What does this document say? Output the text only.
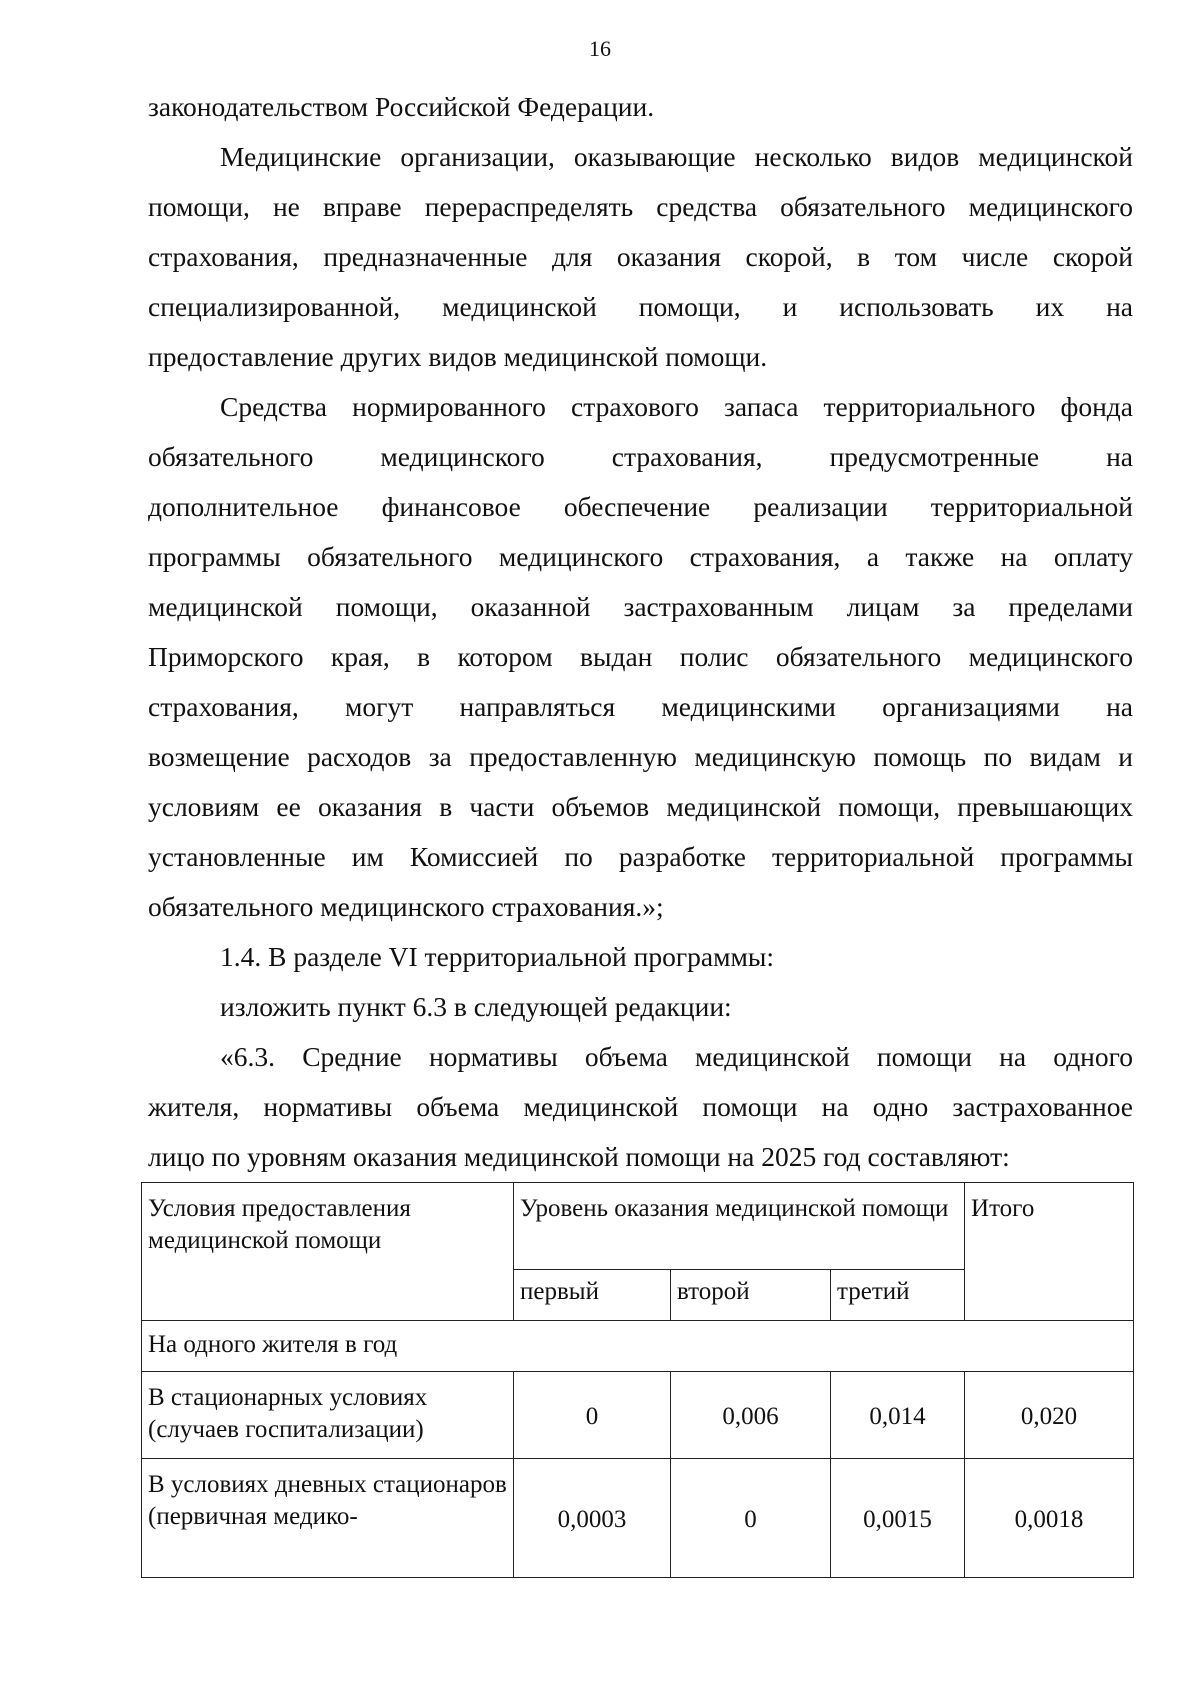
16

законодательством Российской Федерации.

Медицинские организации, оказывающие несколько видов медицинской
помощи, не вправе перераспределять средства обязательного медицинского
страхования, предназначенные для оказания скорой, в том числе скорой
специализированной, медицинской помощи, и использовать их на
предоставление других видов медицинской помощи.

Средства нормированного страхового запаса территориального фонда
обязательного медицинского страхования, предусмотренные на
дополнительное финансовое обеспечение реализации территориальной
программы обязательного медицинского страхования, а также на оплату
медицинской помощи, оказанной застрахованным лицам за пределами
Приморского края, в котором выдан полис обязательного медицинского
страхования, могут направляться медицинскими организациями на
возмещение расходов за предоставленную медицинскую помощь по видам и
условиям ее оказания в части объемов медицинской помощи, превышающих
установленные им Комиссией по разработке территориальной программы
обязательного медицинского страхования.»;

1.4. В разделе VI территориальной программы:

изложить пункт 6.3 в следующей редакции:

«6.3. Средние нормативы объема медицинской помощи на одного
жителя, нормативы объема медицинской помощи на одно застрахованное
лицо по уровням оказания медицинской помощи на 2025 год составляют:

Условия предоставления медицинской помощи	Уровень оказания медицинской помощи			Итого
	первый	второй	третий	
На одного жителя в год				
В стационарных условиях (случаев госпитализации)	0	0,006	0,014	0,020
В условиях дневных стационаров (первичная медико-	0,0003	0	0,0015	0,0018
